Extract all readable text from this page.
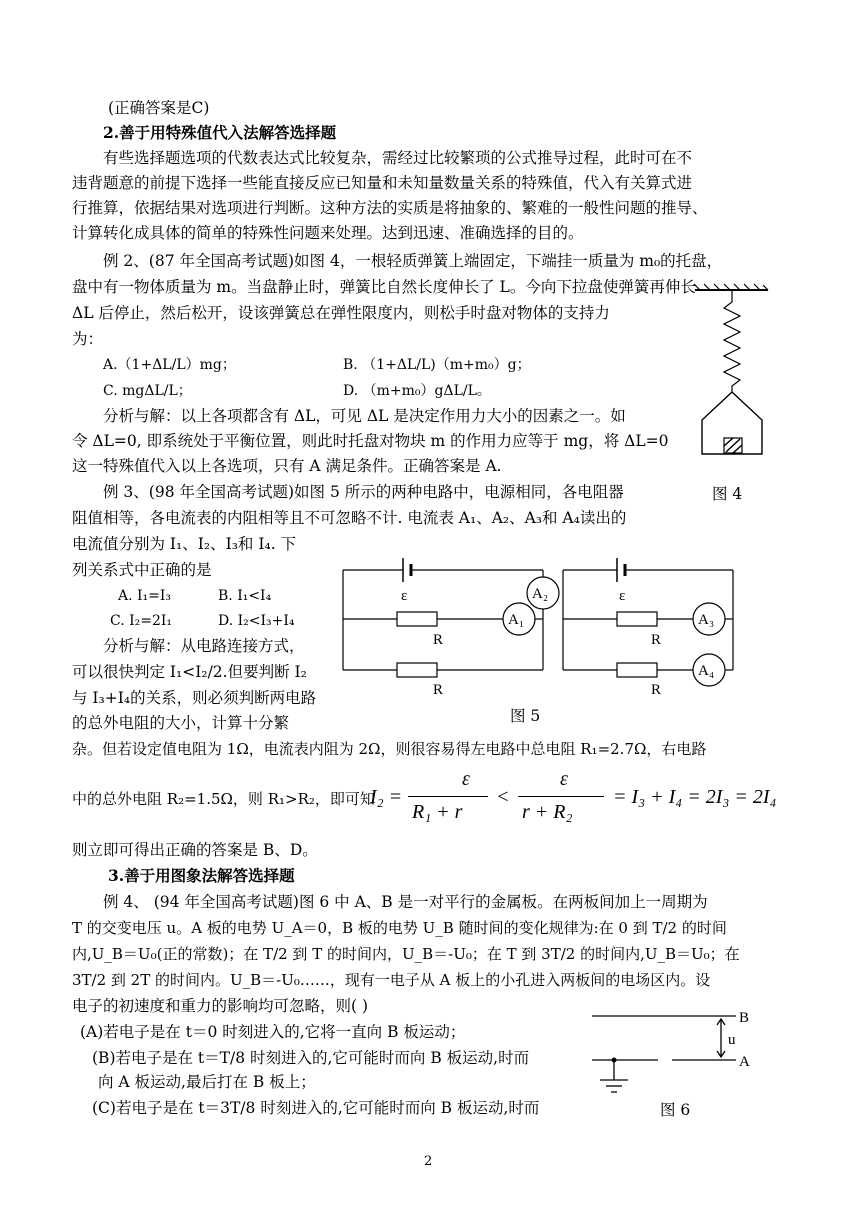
(正确答案是C)
2.善于用特殊值代入法解答选择题
有些选择题选项的代数表达式比较复杂，需经过比较繁琐的公式推导过程，此时可在不
违背题意的前提下选择一些能直接反应已知量和未知量数量关系的特殊值，代入有关算式进
行推算，依据结果对选项进行判断。这种方法的实质是将抽象的、繁难的一般性问题的推导、
计算转化成具体的简单的特殊性问题来处理。达到迅速、准确选择的目的。
例 2、(87 年全国高考试题)如图 4，一根轻质弹簧上端固定，下端挂一质量为 m₀的托盘，
盘中有一物体质量为 m。当盘静止时，弹簧比自然长度伸长了 L。今向下拉盘使弹簧再伸长
ΔL 后停止，然后松开，设该弹簧总在弹性限度内，则松手时盘对物体的支持力
为：
A.（1+ΔL/L）mg；	B. （1+ΔL/L)（m+m₀）g；
C. mgΔL/L；	D. （m+m₀）gΔL/L。
分析与解：以上各项都含有 ΔL，可见 ΔL 是决定作用力大小的因素之一。如
令 ΔL=0, 即系统处于平衡位置，则此时托盘对物块 m 的作用力应等于 mg，将 ΔL=0
这一特殊值代入以上各选项，只有 A 满足条件。正确答案是 A.
例 3、(98 年全国高考试题)如图 5 所示的两种电路中，电源相同，各电阻器
阻值相等，各电流表的内阻相等且不可忽略不计. 电流表 A₁、A₂、A₃和 A₄读出的
电流值分别为 I₁、I₂、I₃和 I₄. 下
列关系式中正确的是
A. I₁=I₃	B. I₁<I₄
C. I₂=2I₁	D. I₂<I₃+I₄
分析与解：从电路连接方式，
可以很快判定 I₁<I₂/2.但要判断 I₂
与 I₃+I₄的关系，则必须判断两电路
的总外电阻的大小，计算十分繁
杂。但若设定值电阻为 1Ω，电流表内阻为 2Ω，则很容易得左电路中总电阻 R₁=2.7Ω，右电路
中的总外电阻 R₂=1.5Ω，则 R₁>R₂，即可知
则立即可得出正确的答案是 B、D。
3.善于用图象法解答选择题
例 4、 (94 年全国高考试题)图 6 中 A、B 是一对平行的金属板。在两板间加上一周期为
T 的交变电压 u。A 板的电势 U_A＝0，B 板的电势 U_B 随时间的变化规律为:在 0 到 T/2 的时间
内,U_B＝U₀(正的常数)；在 T/2 到 T 的时间内，U_B＝-U₀；在 T 到 3T/2 的时间内,U_B＝U₀；在
3T/2 到 2T 的时间内。U_B＝-U₀……，现有一电子从 A 板上的小孔进入两板间的电场区内。设
电子的初速度和重力的影响均可忽略，则( )
(A)若电子是在 t＝0 时刻进入的,它将一直向 B 板运动；
(B)若电子是在 t＝T/8 时刻进入的,它可能时而向 B 板运动,时而
向 A 板运动,最后打在 B 板上；
(C)若电子是在 t＝3T/8 时刻进入的,它可能时而向 B 板运动,时而
I₂ =
ε
R₁ + r
<
ε
r + R₂
= I₃ + I₄ = 2I₃ = 2I₄
图 4
ε	ε
A₂
A₁	A₃
A₄
R
R
R
R
图 5
B
u
A
图 6
2
